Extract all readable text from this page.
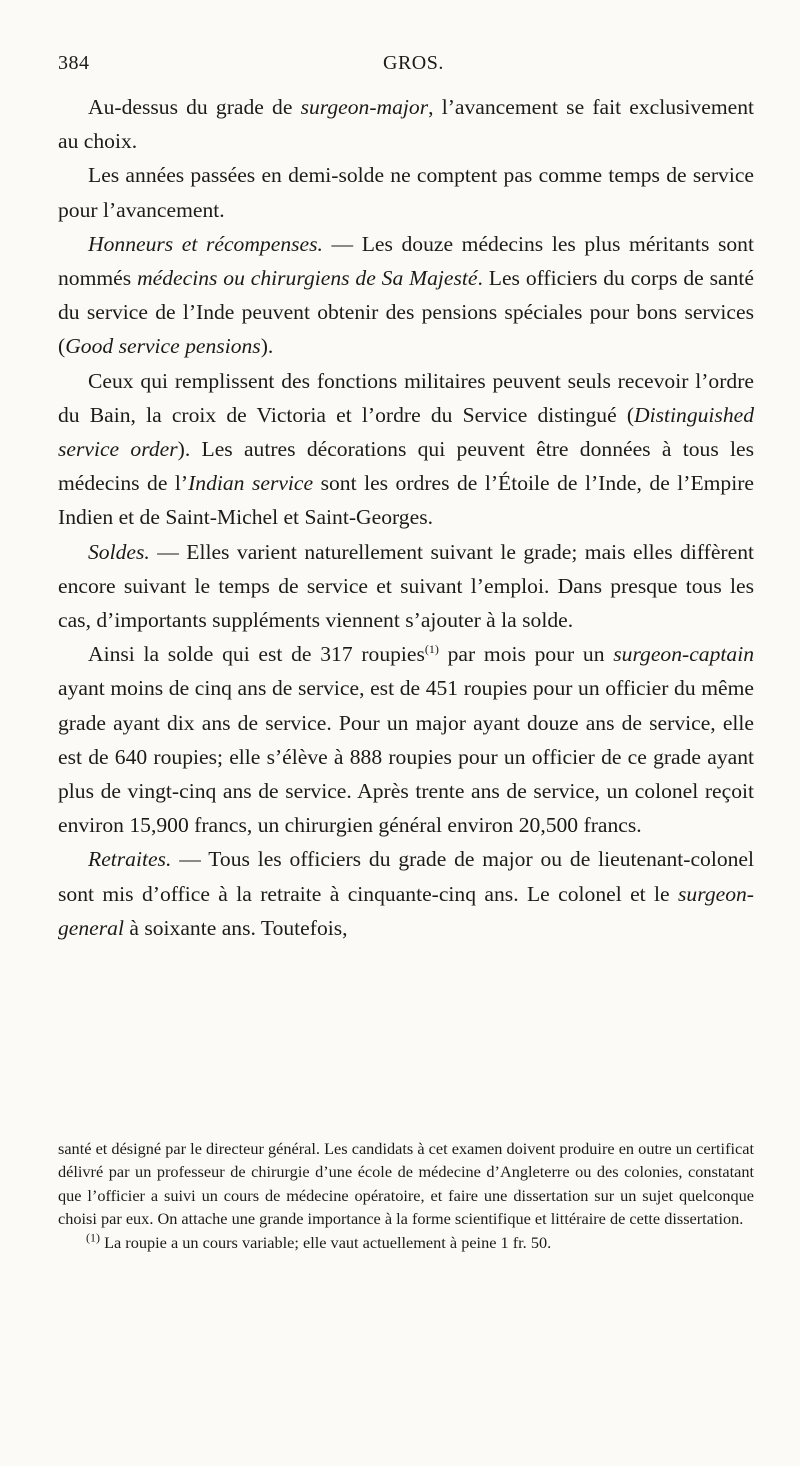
384	GROS.

Au-dessus du grade de surgeon-major, l’avancement se fait exclusivement au choix.

Les années passées en demi-solde ne comptent pas comme temps de service pour l’avancement.

Honneurs et récompenses. — Les douze médecins les plus méritants sont nommés médecins ou chirurgiens de Sa Majesté. Les officiers du corps de santé du service de l’Inde peuvent obtenir des pensions spéciales pour bons services (Good service pensions).

Ceux qui remplissent des fonctions militaires peuvent seuls recevoir l’ordre du Bain, la croix de Victoria et l’ordre du Service distingué (Distinguished service order). Les autres décorations qui peuvent être données à tous les médecins de l’Indian service sont les ordres de l’Étoile de l’Inde, de l’Empire Indien et de Saint-Michel et Saint-Georges.

Soldes. — Elles varient naturellement suivant le grade; mais elles diffèrent encore suivant le temps de service et suivant l’emploi. Dans presque tous les cas, d’importants suppléments viennent s’ajouter à la solde.

Ainsi la solde qui est de 317 roupies$^{(1)}$ par mois pour un surgeon-captain ayant moins de cinq ans de service, est de 451 roupies pour un officier du même grade ayant dix ans de service. Pour un major ayant douze ans de service, elle est de 640 roupies; elle s’élève à 888 roupies pour un officier de ce grade ayant plus de vingt-cinq ans de service. Après trente ans de service, un colonel reçoit environ 15,900 francs, un chirurgien général environ 20,500 francs.

Retraites. — Tous les officiers du grade de major ou de lieutenant-colonel sont mis d’office à la retraite à cinquante-cinq ans. Le colonel et le surgeon-general à soixante ans. Toutefois,

santé et désigné par le directeur général. Les candidats à cet examen doivent produire en outre un certificat délivré par un professeur de chirurgie d’une école de médecine d’Angleterre ou des colonies, constatant que l’officier a suivi un cours de médecine opératoire, et faire une dissertation sur un sujet quelconque choisi par eux. On attache une grande importance à la forme scientifique et littéraire de cette dissertation.

$^{(1)}$ La roupie a un cours variable; elle vaut actuellement à peine 1 fr. 50.
